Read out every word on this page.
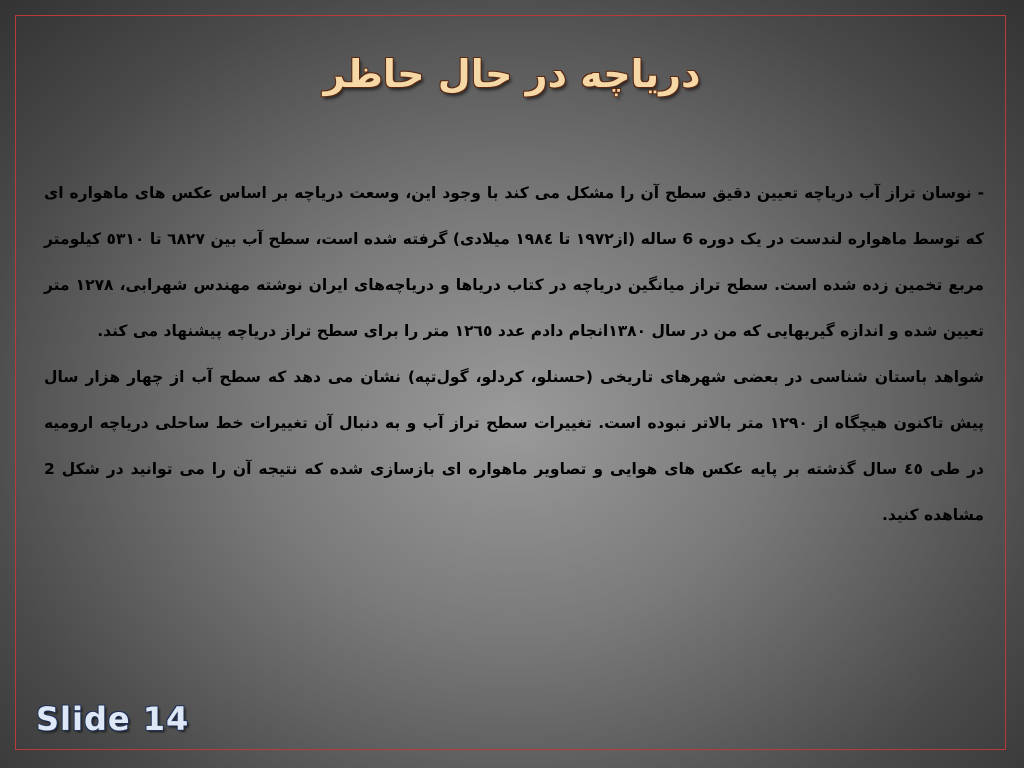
دریاچه در حال حاظر

- نوسان تراز آب دریاچه تعیین دقیق سطح آن را مشکل می کند با وجود این، وسعت دریاچه بر اساس عکس های ماهواره ای که توسط ماهواره لندست در یک دوره 6 ساله (از۱۹۷۲ تا ۱۹۸٤ میلادی) گرفته شده است، سطح آب بین ٦٨٢٧ تا ٥٣١٠ کیلومتر مربع تخمین زده شده است. سطح تراز میانگین دریاچه در کتاب دریاها و دریاچه‌های ایران نوشته مهندس شهرابی، ۱۲۷۸ متر تعیین شده و اندازه گیریهایی که من در سال ۱۳۸۰انجام دادم عدد ۱۲٦٥ متر را برای سطح تراز دریاچه پیشنهاد می کند.

شواهد باستان شناسی در بعضی شهرهای تاریخی (حسنلو، کردلو، گول‌تپه) نشان می دهد که سطح آب از چهار هزار سال پیش تاکنون هیچگاه از ۱۲۹۰ متر بالاتر نبوده است. تغییرات سطح تراز آب و به دنبال آن تغییرات خط ساحلی دریاچه ارومیه در طی ٤٥ سال گذشته بر پایه عکس های هوایی و تصاویر ماهواره ای بازسازی شده که نتیجه آن را می توانید در شکل 2 مشاهده کنید.

Slide 14
